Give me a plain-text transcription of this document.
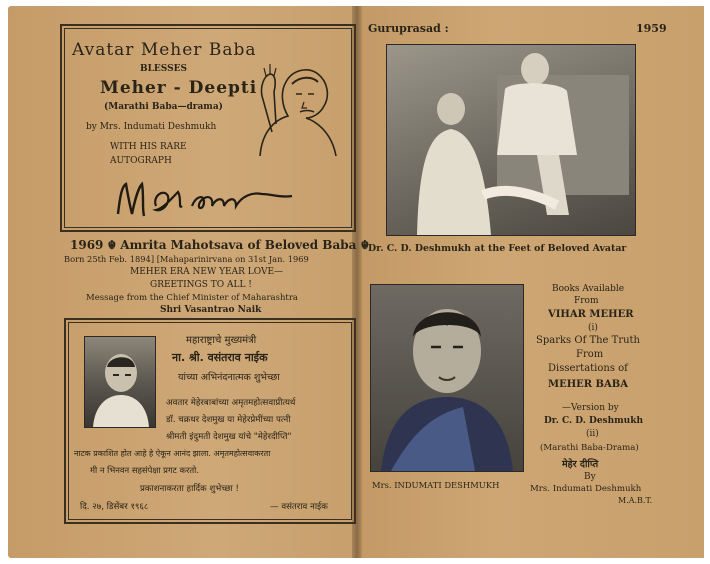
Avatar Meher Baba
BLESSES
Meher - Deepti
(Marathi Baba—drama)
by Mrs. Indumati Deshmukh
WITH HIS RARE
AUTOGRAPH
1969 ☬ Amrita Mahotsava of Beloved Baba ☬
Born 25th Feb. 1894] [Mahaparinirvana on 31st Jan. 1969
MEHER ERA NEW YEAR LOVE—
GREETINGS TO ALL !
Message from the Chief Minister of Maharashtra
Shri Vasantrao Naik
महाराष्ट्राचे मुख्यमंत्री
ना. श्री. वसंतराव नाईक
यांच्या अभिनंदनात्मक शुभेच्छा
अवतार मेहेरबाबांच्या अमृतमहोत्सवाप्रीत्यर्थ
डॉ. चक्रधर देशमुख या मेहेरप्रेमींच्या पत्नी
श्रीमती इंदुमती देशमुख यांचे "मेहेरदीप्ति"
नाटक प्रकाशित होत आहे हे ऐकून आनंद झाला. अमृतमहोत्सवाकरता
मी न भिनवन सहसंपेक्षा प्रगट करतो.
प्रकाशनाकरता हार्दिक शुभेच्छा !
दि. २७, डिसेंबर १९६८	— वसंतराव नाईक
Guruprasad :	1959
Dr. C. D. Deshmukh at the Feet of Beloved Avatar
Mrs. INDUMATI DESHMUKH
Books Available
From
VIHAR MEHER
(i)
Sparks Of The Truth
From
Dissertations of
MEHER BABA
—Version by
Dr. C. D. Deshmukh
(ii)
(Marathi Baba-Drama)
मेहेर दीप्ति
By
Mrs. Indumati Deshmukh
M.A.B.T.
